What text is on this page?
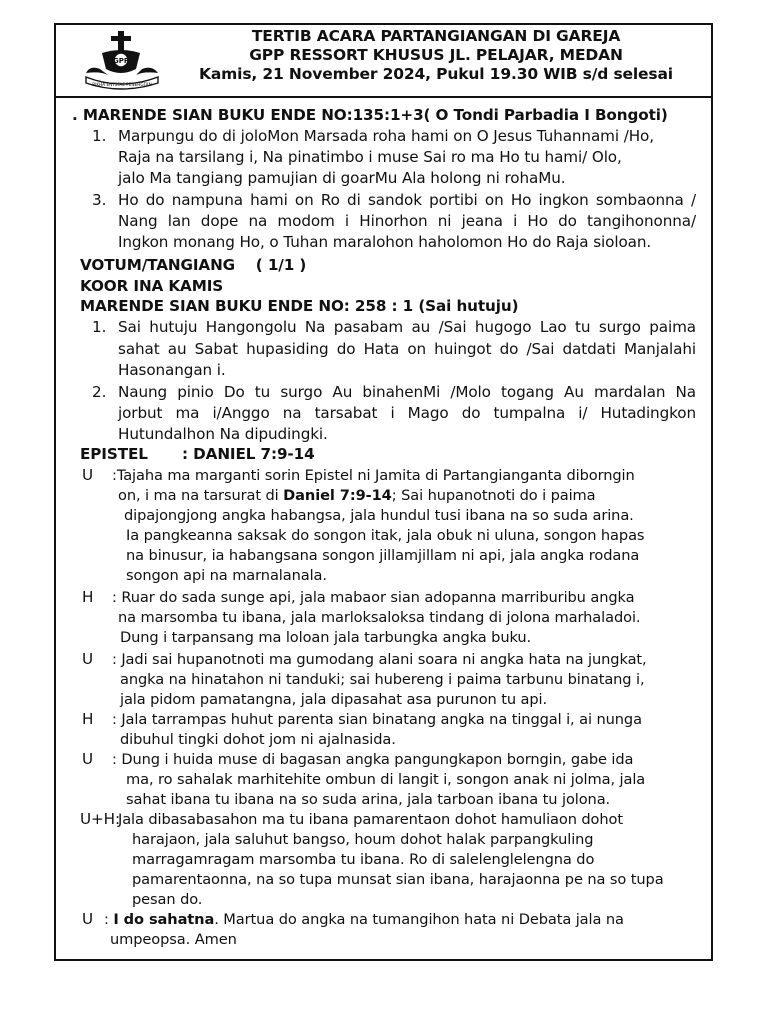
GPP
BIKHA ENTSFAE PENEHGTAN
TERTIB ACARA PARTANGIANGAN DI GAREJA
GPP RESSORT KHUSUS JL. PELAJAR, MEDAN
Kamis, 21 November 2024, Pukul 19.30 WIB s/d selesai
. MARENDE SIAN BUKU ENDE NO:135:1+3( O Tondi Parbadia I Bongoti)
1. Marpungu do di joloMon Marsada roha hami on O Jesus Tuhannami /Ho,
Raja na tarsilang i, Na pinatimbo i muse Sai ro ma Ho tu hami/ Olo,
jalo Ma tangiang pamujian di goarMu Ala holong ni rohaMu.
3. Ho do nampuna hami on Ro di sandok portibi on Ho ingkon sombaonna /
Nang lan dope na modom i Hinorhon ni jeana i Ho do tangihononna/
Ingkon monang Ho, o Tuhan maralohon haholomon Ho do Raja sioloan.
VOTUM/TANGIANG    ( 1/1 )
KOOR INA KAMIS
MARENDE SIAN BUKU ENDE NO: 258 : 1 (Sai hutuju)
1. Sai hutuju Hangongolu Na pasabam au /Sai hugogo Lao tu surgo paima
sahat au Sabat hupasiding do Hata on huingot do /Sai datdati Manjalahi
Hasonangan i.
2. Naung pinio Do tu surgo Au binahenMi /Molo togang Au mardalan Na
jorbut ma i/Anggo na tarsabat i Mago do tumpalna i/ Hutadingkon
Hutundalhon Na dipudingki.
EPISTEL : DANIEL 7:9-14
U :Tajaha ma marganti sorin Epistel ni Jamita di Partangianganta diborngin
on, i ma na tarsurat di Daniel 7:9-14; Sai hupanotnoti do i paima
dipajongjong angka habangsa, jala hundul tusi ibana na so suda arina.
Ia pangkeanna saksak do songon itak, jala obuk ni uluna, songon hapas
na binusur, ia habangsana songon jillamjillam ni api, jala angka rodana
songon api na marnalanala.
H : Ruar do sada sunge api, jala mabaor sian adopanna marriburibu angka
na marsomba tu ibana, jala marloksaloksa tindang di jolona marhaladoi.
Dung i tarpansang ma loloan jala tarbungka angka buku.
U : Jadi sai hupanotnoti ma gumodang alani soara ni angka hata na jungkat,
angka na hinatahon ni tanduki; sai hubereng i paima tarbunu binatang i,
jala pidom pamatangna, jala dipasahat asa purunon tu api.
H : Jala tarrampas huhut parenta sian binatang angka na tinggal i, ai nunga
dibuhul tingki dohot jom ni ajalnasida.
U : Dung i huida muse di bagasan angka pangungkapon borngin, gabe ida
ma, ro sahalak marhitehite ombun di langit i, songon anak ni jolma, jala
sahat ibana tu ibana na so suda arina, jala tarboan ibana tu jolona.
U+H:
Jala dibasabasahon ma tu ibana pamarentaon dohot hamuliaon dohot
harajaon, jala saluhut bangso, houm dohot halak parpangkuling
marragamragam marsomba tu ibana. Ro di salelenglelengna do
pamarentaonna, na so tupa munsat sian ibana, harajaonna pe na so tupa
pesan do.
U : I do sahatna. Martua do angka na tumangihon hata ni Debata jala na
umpeopsa. Amen
